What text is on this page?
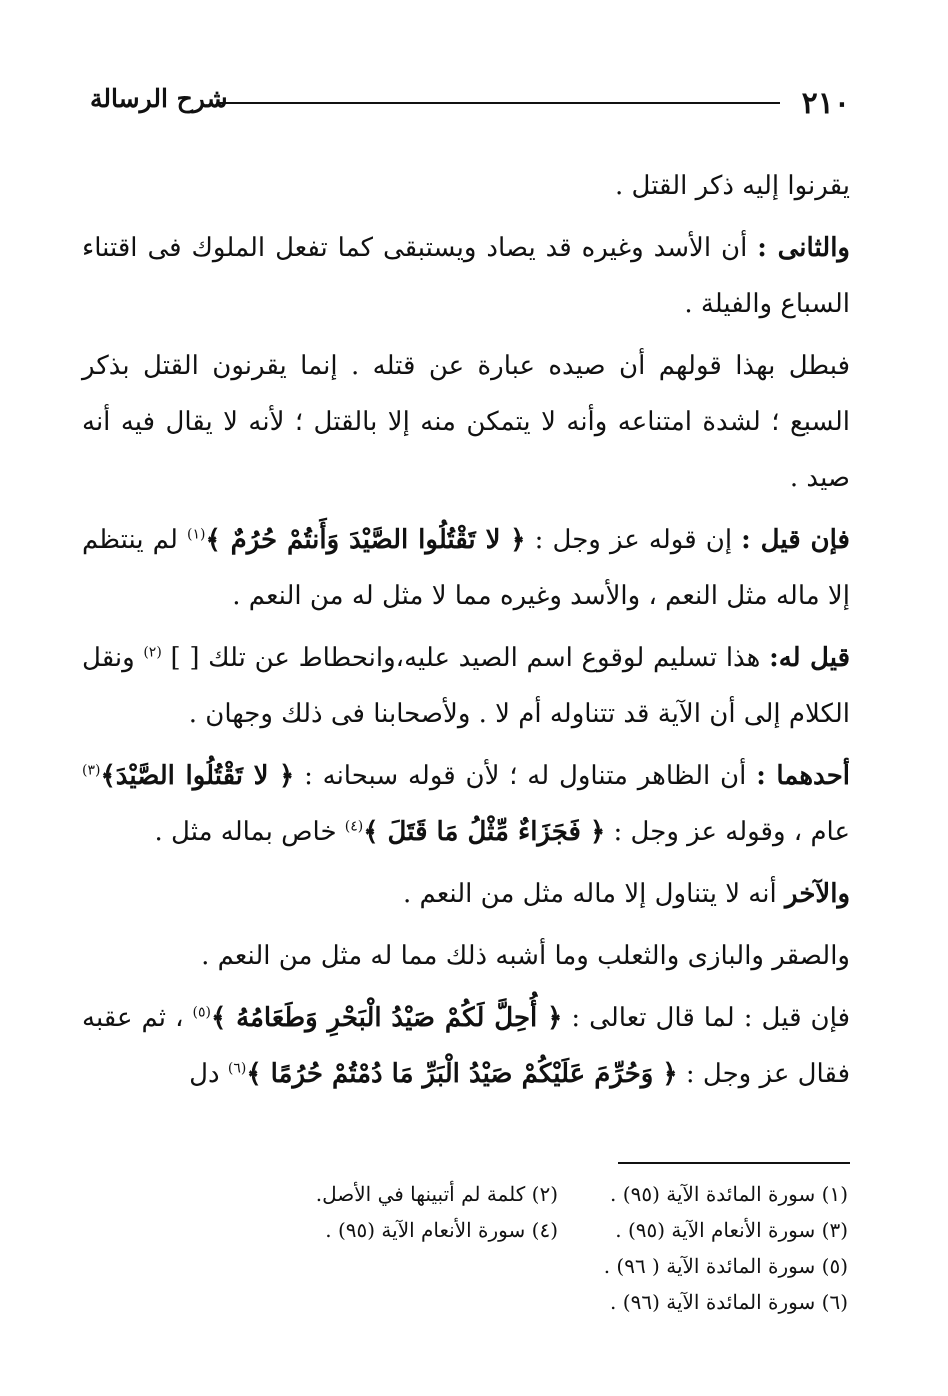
٢١٠
شرح الرسالة

يقرنوا إليه ذكر القتل .

والثانى : أن الأسد وغيره قد يصاد ويستبقى كما تفعل الملوك فى اقتناء السباع والفيلة .

فبطل بهذا قولهم أن صيده عبارة عن قتله . إنما يقرنون القتل بذكر السبع ؛ لشدة امتناعه وأنه لا يتمكن منه إلا بالقتل ؛ لأنه لا يقال فيه أنه صيد .

فإن قيل : إن قوله عز وجل : ﴿ لا تَقْتُلُوا الصَّيْدَ وَأَنتُمْ حُرُمٌ ﴾$^{(١)}$ لم ينتظم إلا ماله مثل النعم ، والأسد وغيره مما لا مثل له من النعم .

قيل له: هذا تسليم لوقوع اسم الصيد عليه،وانحطاط عن تلك [ ] $^{(٢)}$ ونقل الكلام إلى أن الآية قد تتناوله أم لا . ولأصحابنا فى ذلك وجهان .

أحدهما : أن الظاهر متناول له ؛ لأن قوله سبحانه : ﴿ لا تَقْتُلُوا الصَّيْدَ﴾$^{(٣)}$ عام ، وقوله عز وجل : ﴿ فَجَزَاءٌ مِّثْلُ مَا قَتَلَ ﴾$^{(٤)}$ خاص بماله مثل .

والآخر أنه لا يتناول إلا ماله مثل من النعم .

والصقر والبازى والثعلب وما أشبه ذلك مما له مثل من النعم .

فإن قيل : لما قال تعالى : ﴿ أُحِلَّ لَكُمْ صَيْدُ الْبَحْرِ وَطَعَامُهُ ﴾$^{(٥)}$ ، ثم عقبه فقال عز وجل : ﴿ وَحُرِّمَ عَلَيْكُمْ صَيْدُ الْبَرِّ مَا دُمْتُمْ حُرُمًا ﴾$^{(٦)}$ دل

(١) سورة المائدة الآية (٩٥) .
(٢) كلمة لم أتبينها في الأصل.
(٣) سورة الأنعام الآية (٩٥) .
(٤) سورة الأنعام الآية (٩٥) .
(٥) سورة المائدة الآية ( ٩٦) .
(٦) سورة المائدة الآية (٩٦) .
